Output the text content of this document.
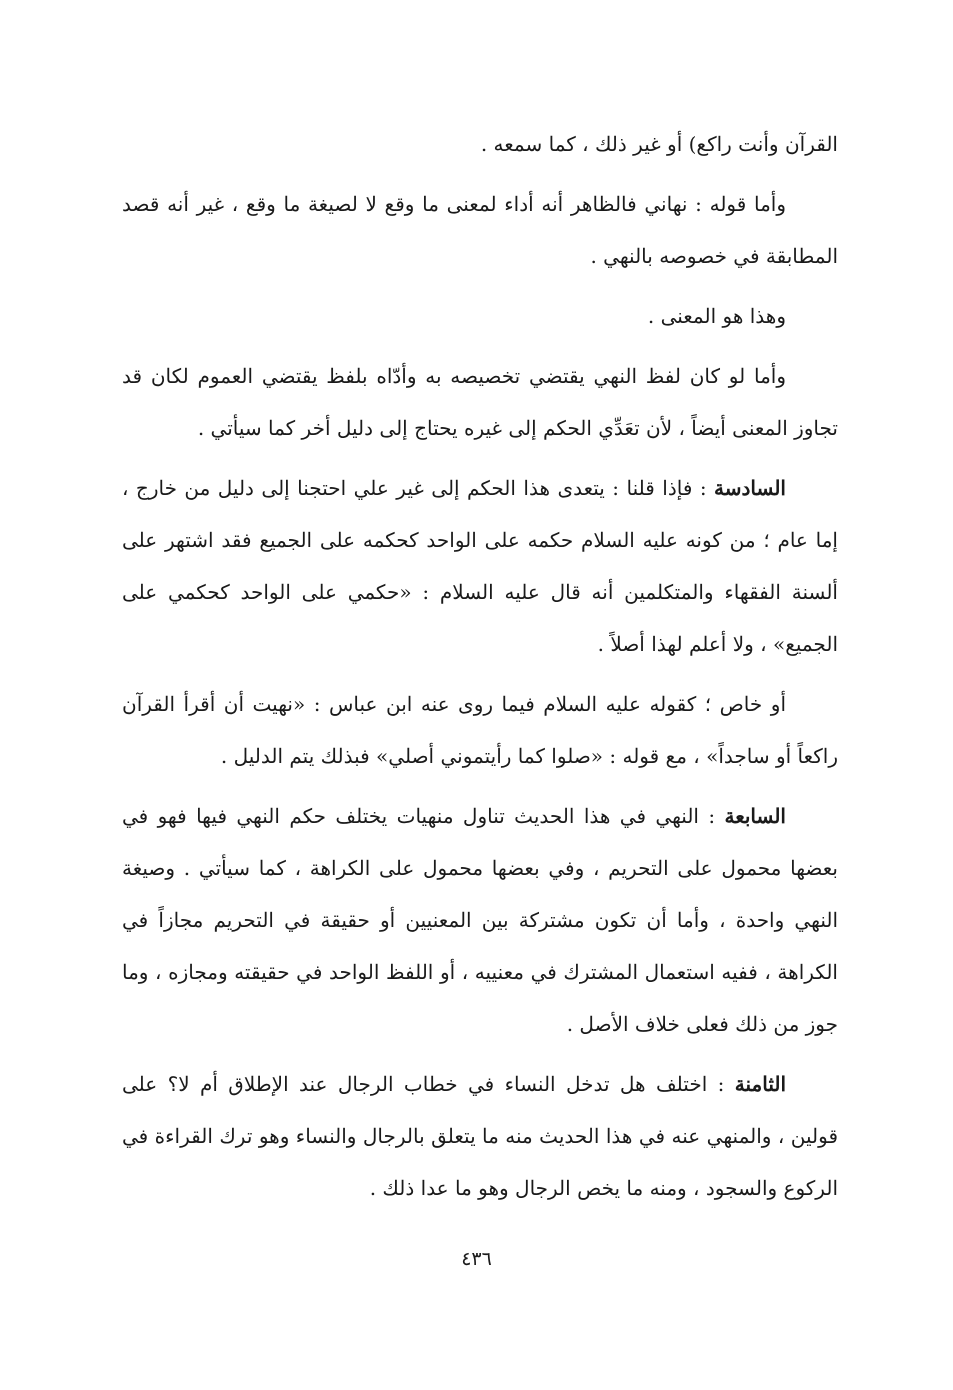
القرآن وأنت راكع) أو غير ذلك ، كما سمعه .

وأما قوله : نهاني فالظاهر أنه أداء لمعنى ما وقع لا لصيغة ما وقع ، غير أنه قصد المطابقة في خصوصه بالنهي .

وهذا هو المعنى .

وأما لو كان لفظ النهي يقتضي تخصيصه به وأدّاه بلفظ يقتضي العموم لكان قد تجاوز المعنى أيضاً ، لأن تعَدِّي الحكم إلى غيره يحتاج إلى دليل أخر كما سيأتي .

السادسة : فإذا قلنا : يتعدى هذا الحكم إلى غير علي احتجنا إلى دليل من خارج ، إما عام ؛ من كونه عليه السلام حكمه على الواحد كحكمه على الجميع فقد اشتهر على ألسنة الفقهاء والمتكلمين أنه قال عليه السلام : «حكمي على الواحد كحكمي على الجميع» ، ولا أعلم لهذا أصلاً .

أو خاص ؛ كقوله عليه السلام فيما روى عنه ابن عباس : «نهيت أن أقرأ القرآن راكعاً أو ساجداً» ، مع قوله : «صلوا كما رأيتموني أصلي» فبذلك يتم الدليل .

السابعة : النهي في هذا الحديث تناول منهيات يختلف حكم النهي فيها فهو في بعضها محمول على التحريم ، وفي بعضها محمول على الكراهة ، كما سيأتي . وصيغة النهي واحدة ، وأما أن تكون مشتركة بين المعنيين أو حقيقة في التحريم مجازاً في الكراهة ، ففيه استعمال المشترك في معنييه ، أو اللفظ الواحد في حقيقته ومجازه ، وما جوز من ذلك فعلى خلاف الأصل .

الثامنة : اختلف هل تدخل النساء في خطاب الرجال عند الإطلاق أم لا؟ على قولين ، والمنهي عنه في هذا الحديث منه ما يتعلق بالرجال والنساء وهو ترك القراءة في الركوع والسجود ، ومنه ما يخص الرجال وهو ما عدا ذلك .

٤٣٦
